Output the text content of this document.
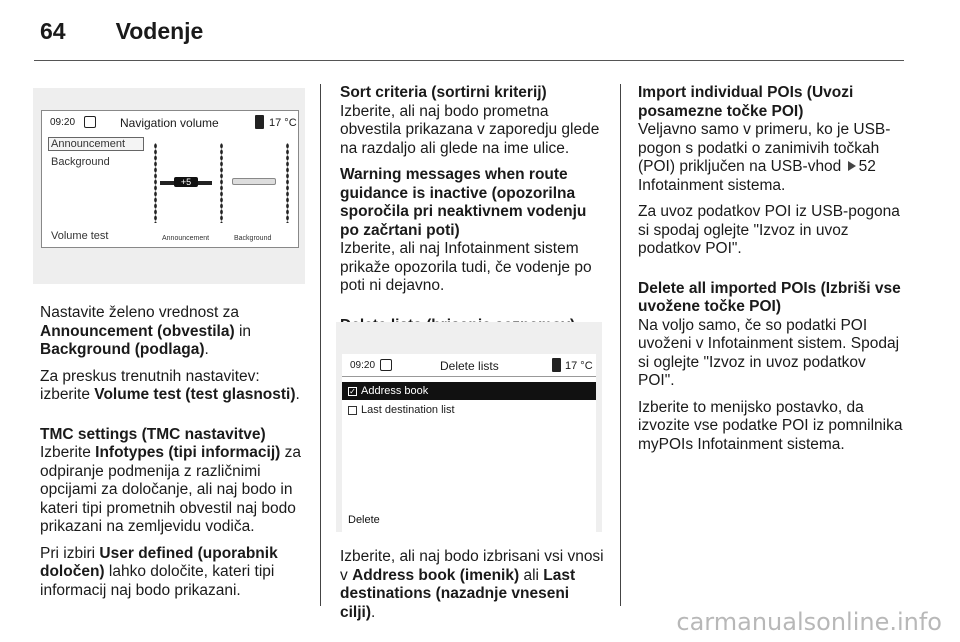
64 Vodenje
09:20	Navigation volume	17 °C
Announcement
Background
Volume test
+5
Announcement	Background
Nastavite želeno vrednost za Announcement (obvestila) in Background (podlaga).
Za preskus trenutnih nastavitev: izberite Volume test (test glasnosti).
TMC settings (TMC nastavitve)
Izberite Infotypes (tipi informacij) za odpiranje podmenija z različnimi opcijami za določanje, ali naj bodo in kateri tipi prometnih obvestil naj bodo prikazani na zemljevidu vodiča.
Pri izbiri User defined (uporabnik določen) lahko določite, kateri tipi informacij naj bodo prikazani.
Sort criteria (sortirni kriterij)
Izberite, ali naj bodo prometna obvestila prikazana v zaporedju glede na razdaljo ali glede na ime ulice.
Warning messages when route guidance is inactive (opozorilna sporočila pri neaktivnem vodenju po začrtani poti)
Izberite, ali naj Infotainment sistem prikaže opozorila tudi, če vodenje po poti ni dejavno.
09:20	Delete lists	17 °C
✓ Address book
Last destination list
Delete
Izberite, ali naj bodo izbrisani vsi vnosi v Address book (imenik) ali Last destinations (nazadnje vneseni cilji).
Import individual POIs (Uvozi posamezne točke POI)
Veljavno samo v primeru, ko je USB-pogon s podatki o zanimivih točkah (POI) priključen na USB-vhod 52 Infotainment sistema.
Za uvoz podatkov POI iz USB-pogona si spodaj oglejte "Izvoz in uvoz podatkov POI".
Delete all imported POIs (Izbriši vse uvožene točke POI)
Na voljo samo, če so podatki POI uvoženi v Infotainment sistem. Spodaj si oglejte "Izvoz in uvoz podatkov POI".
Izberite to menijsko postavko, da izvozite vse podatke POI iz pomnilnika myPOIs Infotainment sistema.
carmanualsonline.info
